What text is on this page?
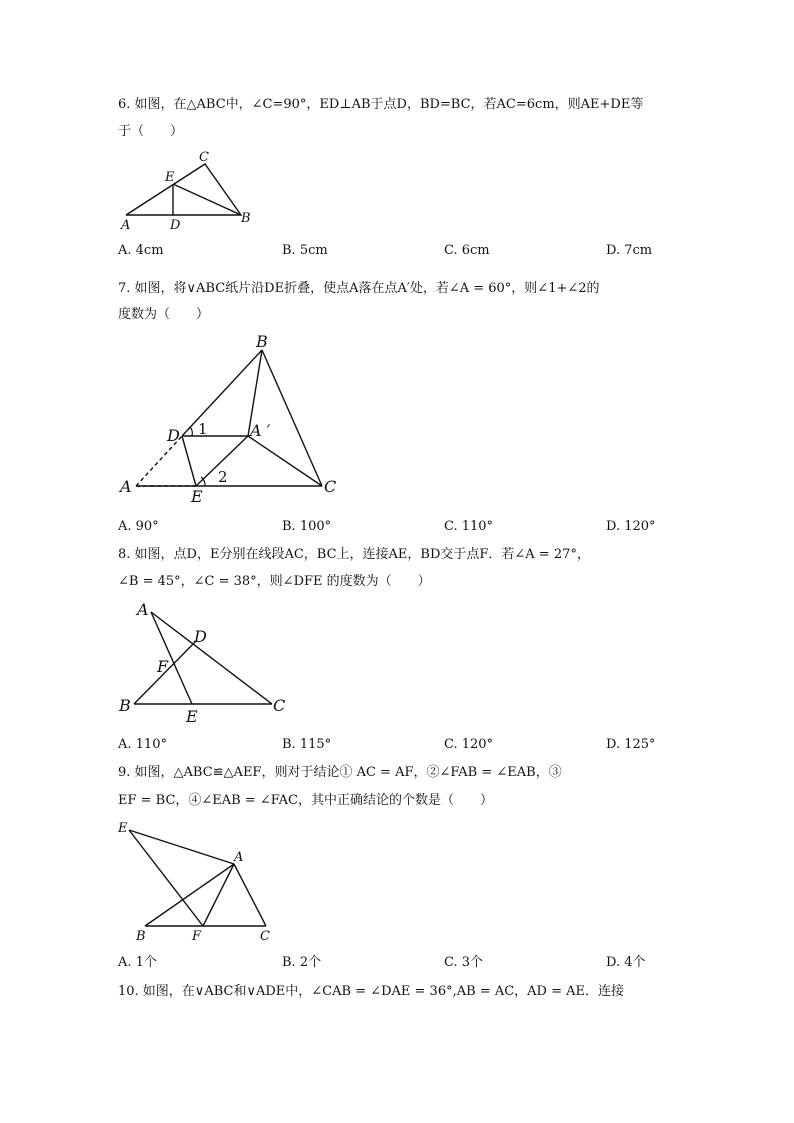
6. 如图，在△ABC中，∠C=90°，ED⊥AB于点D，BD=BC，若AC=6cm，则AE+DE等
于（　　）
C
E
A	D	B
A. 4cm	B. 5cm	C. 6cm	D. 7cm
7. 如图，将∨ABC纸片沿DE折叠，使点A落在点A′处，若∠A = 60°，则∠1+∠2的
度数为（　　）
B
D 1	A ′
A
E
2	C
A. 90°	B. 100°	C. 110°	D. 120°
8. 如图，点D，E分别在线段AC，BC上，连接AE，BD交于点F．若∠A = 27°，
∠B = 45°，∠C = 38°，则∠DFE 的度数为（　　）
A
D
F
B
E
C
A. 110°	B. 115°	C. 120°	D. 125°
9. 如图，△ABC≌△AEF，则对于结论① AC = AF，②∠FAB = ∠EAB，③
EF = BC，④∠EAB = ∠FAC，其中正确结论的个数是（　　）
E
A
B	F	C
A. 1个	B. 2个	C. 3个	D. 4个
10. 如图，在∨ABC和∨ADE中，∠CAB = ∠DAE = 36°,AB = AC，AD = AE．连接
